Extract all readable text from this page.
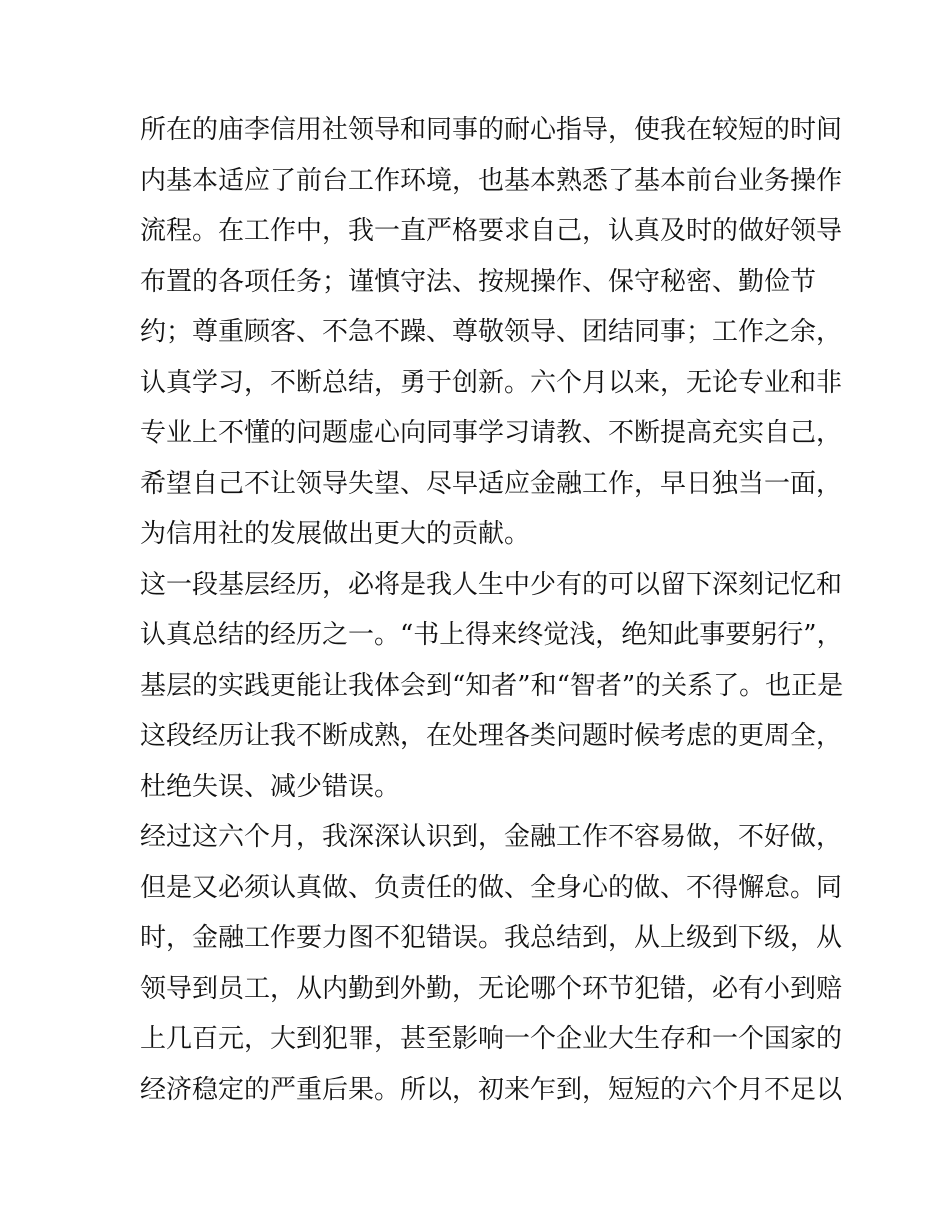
所在的庙李信用社领导和同事的耐心指导，使我在较短的时间
内基本适应了前台工作环境，也基本熟悉了基本前台业务操作
流程。在工作中，我一直严格要求自己，认真及时的做好领导
布置的各项任务；谨慎守法、按规操作、保守秘密、勤俭节
约；尊重顾客、不急不躁、尊敬领导、团结同事；工作之余，
认真学习，不断总结，勇于创新。六个月以来，无论专业和非
专业上不懂的问题虚心向同事学习请教、不断提高充实自己，
希望自己不让领导失望、尽早适应金融工作，早日独当一面，
为信用社的发展做出更大的贡献。
这一段基层经历，必将是我人生中少有的可以留下深刻记忆和
认真总结的经历之一。“书上得来终觉浅，绝知此事要躬行”，
基层的实践更能让我体会到“知者”和“智者”的关系了。也正是
这段经历让我不断成熟，在处理各类问题时候考虑的更周全，
杜绝失误、减少错误。
经过这六个月，我深深认识到，金融工作不容易做，不好做，
但是又必须认真做、负责任的做、全身心的做、不得懈怠。同
时，金融工作要力图不犯错误。我总结到，从上级到下级，从
领导到员工，从内勤到外勤，无论哪个环节犯错，必有小到赔
上几百元，大到犯罪，甚至影响一个企业大生存和一个国家的
经济稳定的严重后果。所以，初来乍到，短短的六个月不足以
